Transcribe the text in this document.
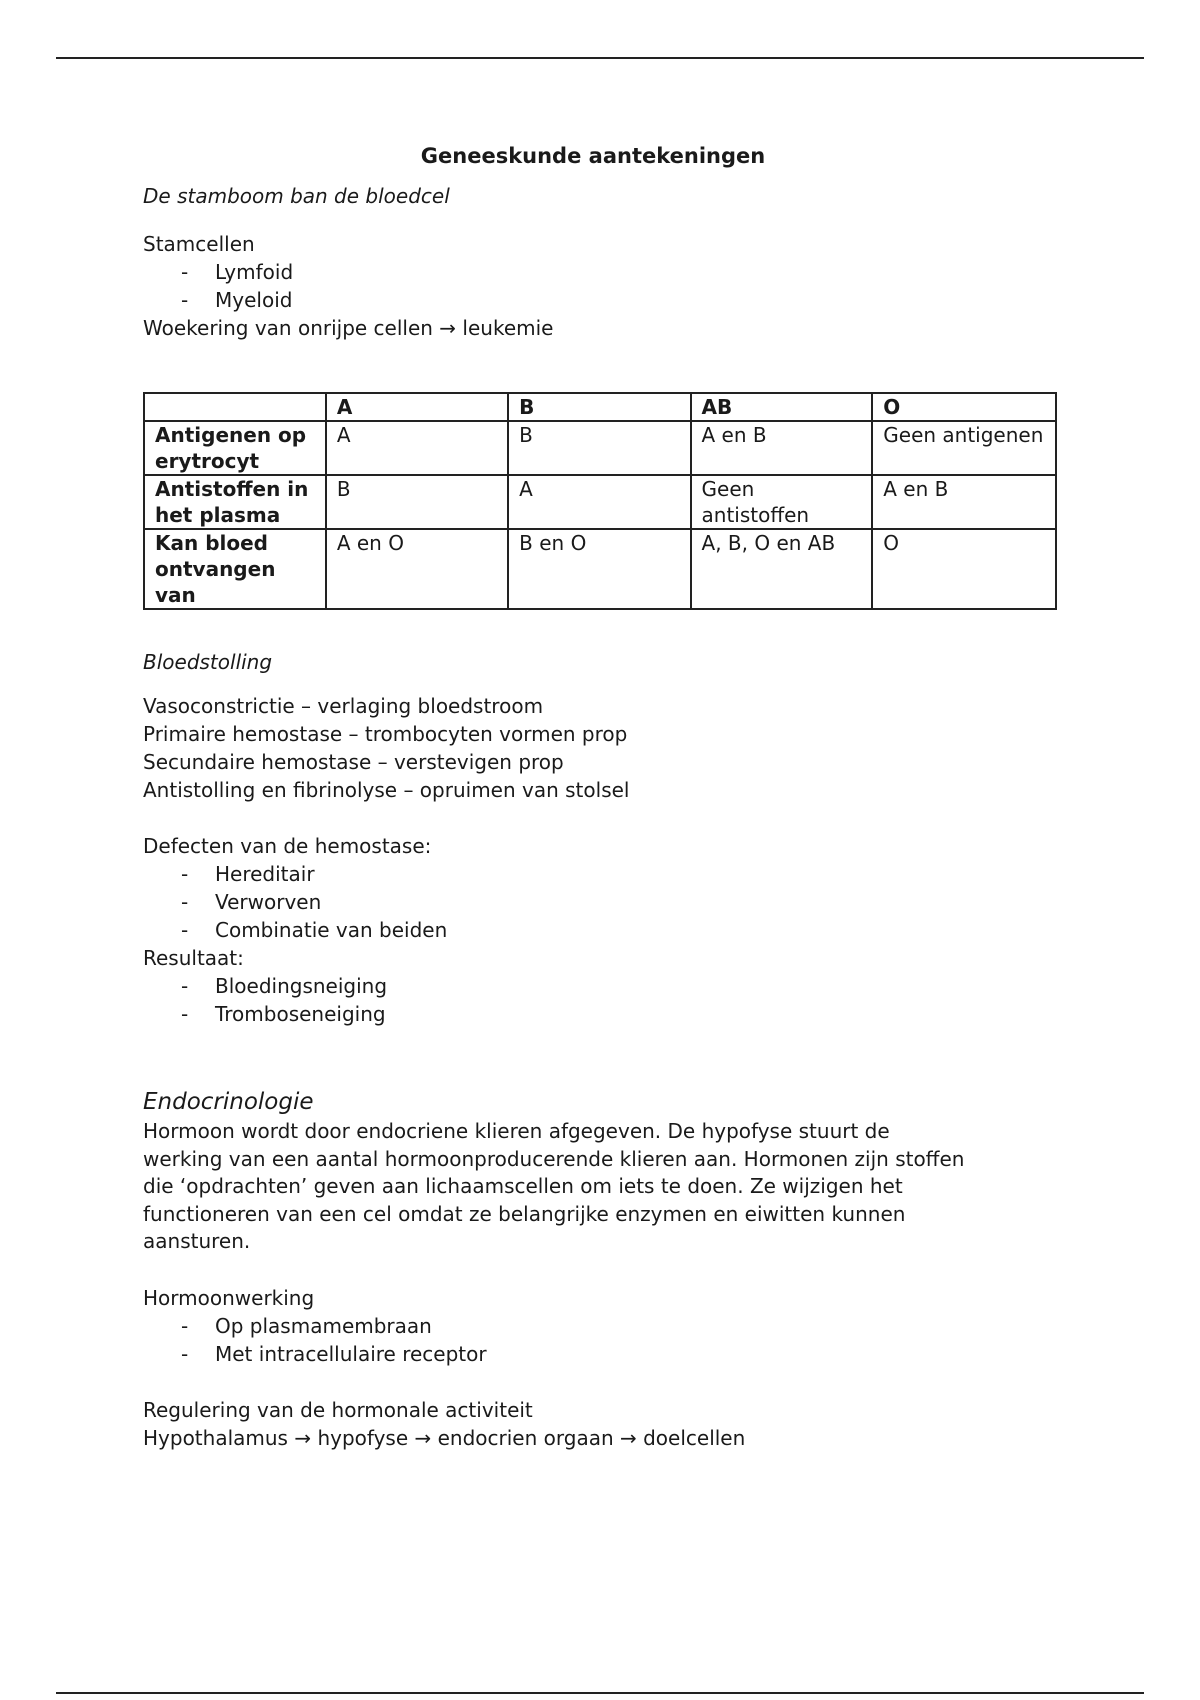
Geneeskunde aantekeningen

De stamboom ban de bloedcel

Stamcellen

- Lymfoid
- Myeloid

Woekering van onrijpe cellen → leukemie

	A	B	AB	O
Antigenen op erytrocyt	A	B	A en B	Geen antigenen
Antistoffen in het plasma	B	A	Geen antistoffen	A en B
Kan bloed ontvangen van	A en O	B en O	A, B, O en AB	O

Bloedstolling

Vasoconstrictie – verlaging bloedstroom

Primaire hemostase – trombocyten vormen prop

Secundaire hemostase – verstevigen prop

Antistolling en fibrinolyse – opruimen van stolsel

Defecten van de hemostase:

- Hereditair
- Verworven
- Combinatie van beiden

Resultaat:

- Bloedingsneiging
- Tromboseneiging

Endocrinologie

Hormoon wordt door endocriene klieren afgegeven. De hypofyse stuurt de

werking van een aantal hormoonproducerende klieren aan. Hormonen zijn stoffen

die ‘opdrachten’ geven aan lichaamscellen om iets te doen. Ze wijzigen het

functioneren van een cel omdat ze belangrijke enzymen en eiwitten kunnen

aansturen.

Hormoonwerking

- Op plasmamembraan
- Met intracellulaire receptor

Regulering van de hormonale activiteit

Hypothalamus → hypofyse → endocrien orgaan → doelcellen
